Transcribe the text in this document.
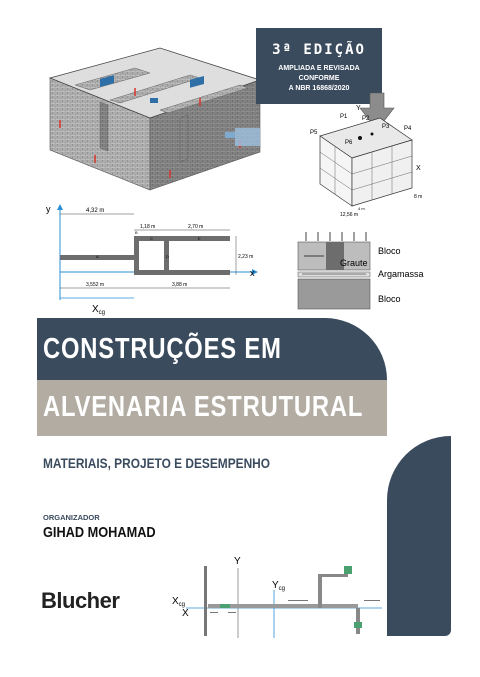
3ª EDIÇÃO
AMPLIADA E REVISADA CONFORME
A NBR 16868/2020
P1 P2
P3 P4
P5
P6
Y
X
12,56 m
8 m
4 m
y
x
A
B
C
D
E
4,32 m
1,18 m	2,70 m
2,23 m
3,552 m	3,88 m
$X_{cg}$
Bloco
Graute
Argamassa
Bloco
CONSTRUÇÕES EM
ALVENARIA ESTRUTURAL
MATERIAIS, PROJETO E DESEMPENHO
ORGANIZADOR
GIHAD MOHAMAD
Blucher
Y
$Y_{cg}$
$X_{cg}$
X
